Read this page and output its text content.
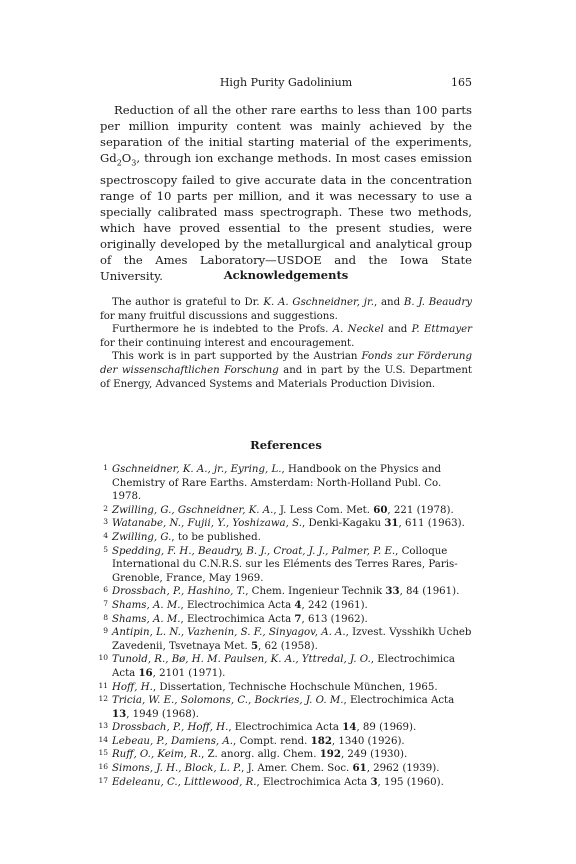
High Purity Gadolinium	165
Reduction of all the other rare earths to less than 100 parts per million impurity content was mainly achieved by the separation of the initial starting material of the experiments, $Gd_2O_3$, through ion exchange methods. In most cases emission spectroscopy failed to give accurate data in the concentration range of 10 parts per million, and it was necessary to use a specially calibrated mass spectrograph. These two methods, which have proved essential to the present studies, were originally developed by the metallurgical and analytical group of the Ames Laboratory—USDOE and the Iowa State University.	Acknowledgements

The author is grateful to Dr. K. A. Gschneidner, jr., and B. J. Beaudry for many fruitful discussions and suggestions.

Furthermore he is indebted to the Profs. A. Neckel and P. Ettmayer for their continuing interest and encouragement.

This work is in part supported by the Austrian Fonds zur Förderung der wissenschaftlichen Forschung and in part by the U.S. Department of Energy, Advanced Systems and Materials Production Division.

References
1 Gschneidner, K. A., jr., Eyring, L., Handbook on the Physics and Chemistry of Rare Earths. Amsterdam: North-Holland Publ. Co. 1978.
2 Zwilling, G., Gschneidner, K. A., J. Less Com. Met. 60, 221 (1978).
3 Watanabe, N., Fujii, Y., Yoshizawa, S., Denki-Kagaku 31, 611 (1963).
4 Zwilling, G., to be published.
5 Spedding, F. H., Beaudry, B. J., Croat, J. J., Palmer, P. E., Colloque International du C.N.R.S. sur les Eléments des Terres Rares, Paris-Grenoble, France, May 1969.
6 Drossbach, P., Hashino, T., Chem. Ingenieur Technik 33, 84 (1961).
7 Shams, A. M., Electrochimica Acta 4, 242 (1961).
8 Shams, A. M., Electrochimica Acta 7, 613 (1962).
9 Antipin, L. N., Vazhenin, S. F., Sinyagov, A. A., Izvest. Vysshikh Ucheb Zavedenii, Tsvetnaya Met. 5, 62 (1958).
10 Tunold, R., Bø, H. M. Paulsen, K. A., Yttredal, J. O., Electrochimica Acta 16, 2101 (1971).
11 Hoff, H., Dissertation, Technische Hochschule München, 1965.
12 Tricia, W. E., Solomons, C., Bockries, J. O. M., Electrochimica Acta 13, 1949 (1968).
13 Drossbach, P., Hoff, H., Electrochimica Acta 14, 89 (1969).
14 Lebeau, P., Damiens, A., Compt. rend. 182, 1340 (1926).
15 Ruff, O., Keim, R., Z. anorg. allg. Chem. 192, 249 (1930).
16 Simons, J. H., Block, L. P., J. Amer. Chem. Soc. 61, 2962 (1939).
17 Edeleanu, C., Littlewood, R., Electrochimica Acta 3, 195 (1960).
